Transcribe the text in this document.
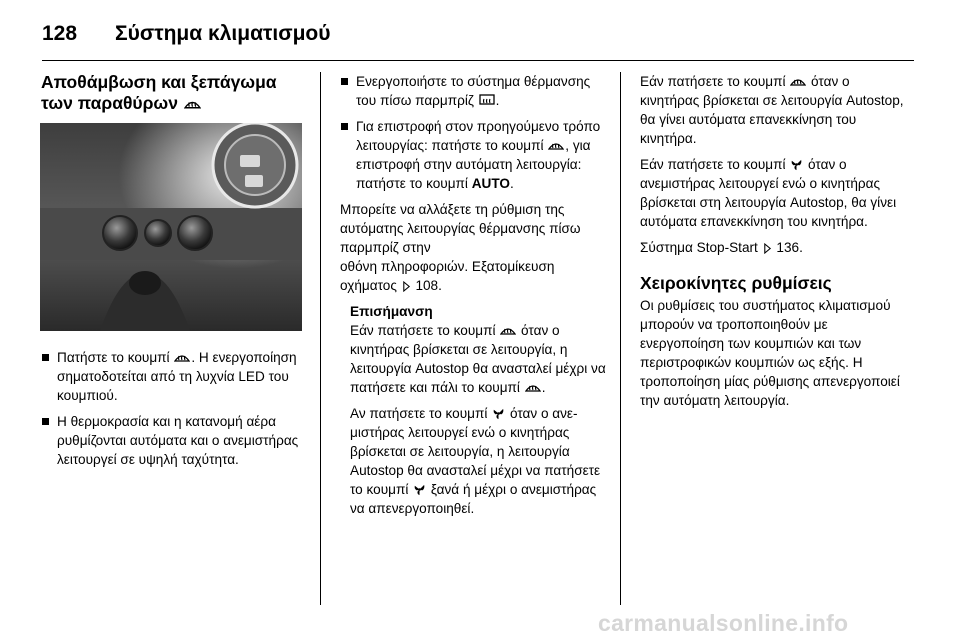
128 Σύστημα κλιματισμού
Αποθάμβωση και ξεπάγωμα
των παραθύρων
Πατήστε το κουμπί . Η ενεργοποίηση σηματοδοτείται από τη λυχνία LED του κουμπιού.
Η θερμοκρασία και η κατανομή αέρα ρυθμίζονται αυτόματα και ο ανεμιστήρας λειτουργεί σε υψηλή ταχύτητα.
Ενεργοποιήστε το σύστημα θέρμανσης του πίσω παρμπρίζ .
Για επιστροφή στον προηγούμενο τρόπο λειτουργίας: πατήστε το κουμπί , για επιστροφή στην αυτόματη λειτουργία: πατήστε το κουμπί AUTO.

Μπορείτε να αλλάξετε τη ρύθμιση της αυτόματης λειτουργίας θέρμανσης πίσω παρμπρίζ στην
οθόνη πληροφοριών. Εξατομίκευση οχήματος  108.

Επισήμανση

Εάν πατήσετε το κουμπί  όταν ο κινητήρας βρίσκεται σε λειτουργία, η λειτουργία Autostop θα ανασταλεί μέχρι να πατήσετε και πάλι το κουμπί .

Αν πατήσετε το κουμπί  όταν ο ανεμιστήρας λειτουργεί ενώ ο κινητήρας βρίσκεται σε λειτουργία, η λειτουργία Autostop θα ανασταλεί μέχρι να πατήσετε το κουμπί  ξανά ή μέχρι ο ανεμιστήρας να απενεργοποιηθεί.

Εάν πατήσετε το κουμπί  όταν ο κινητήρας βρίσκεται σε λειτουργία Autostop, θα γίνει αυτόματα επανεκκίνηση του κινητήρα.

Εάν πατήσετε το κουμπί  όταν ο ανεμιστήρας λειτουργεί ενώ ο κινητήρας βρίσκεται στη λειτουργία Autostop, θα γίνει αυτόματα επανεκκίνηση του κινητήρα.

Σύστημα Stop-Start  136.

Χειροκίνητες ρυθμίσεις

Οι ρυθμίσεις του συστήματος κλιματισμού μπορούν να τροποποιηθούν με ενεργοποίηση των κουμπιών και των περιστροφικών κουμπιών ως εξής. Η τροποποίηση μίας ρύθμισης απενεργοποιεί την αυτόματη λειτουργία.

carmanualsonline.info
